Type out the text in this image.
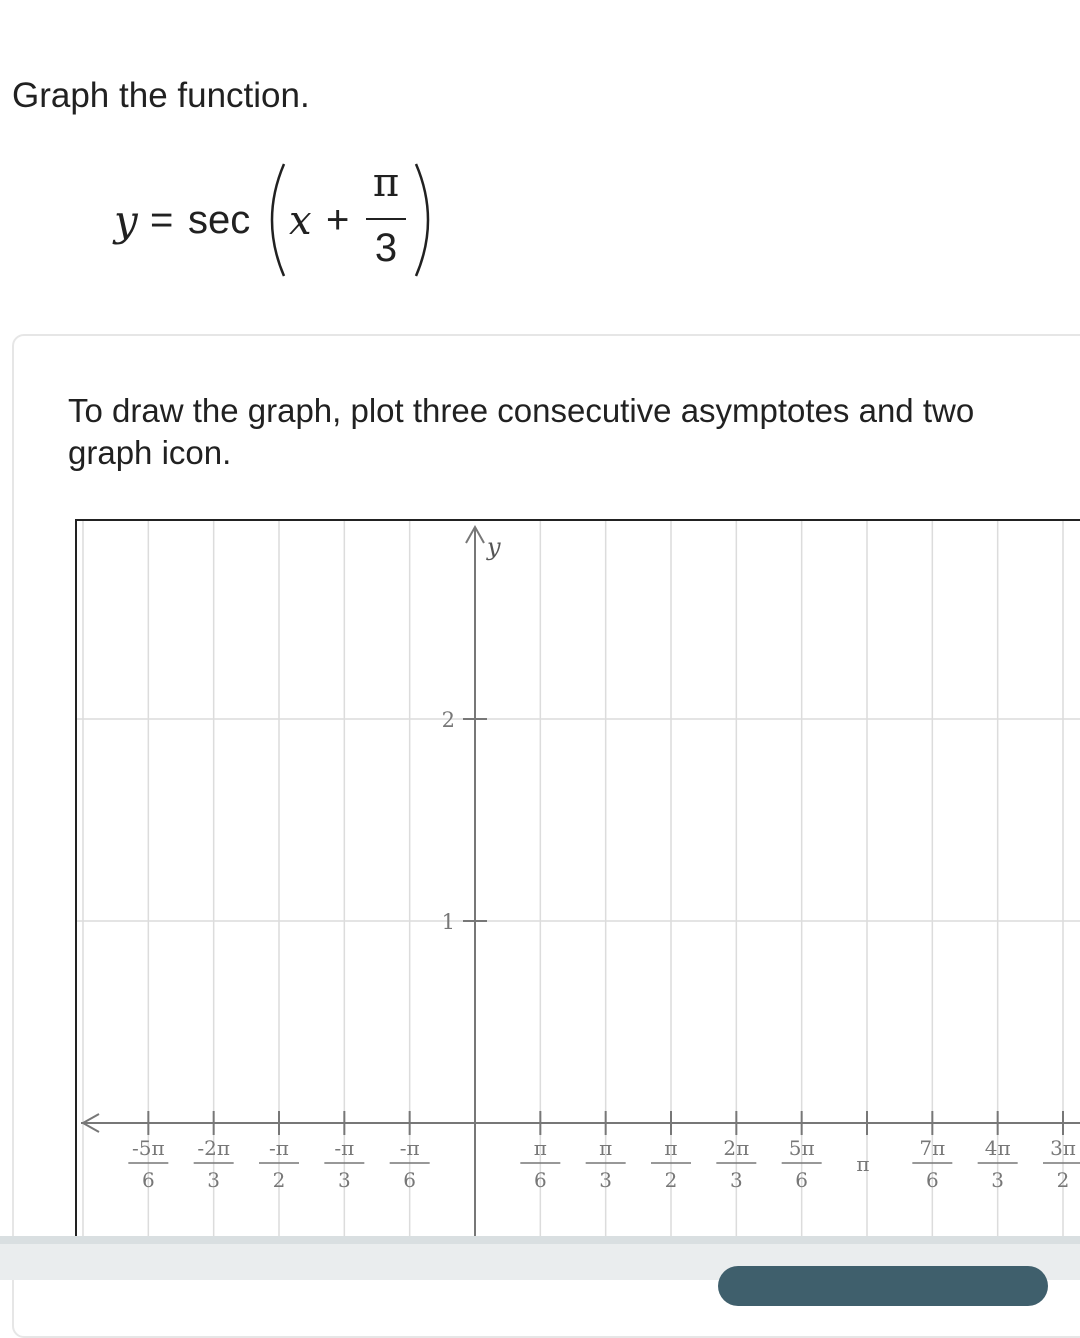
Graph the function.
y = sec x +
π
3
To draw the graph, plot three consecutive asymptotes and two
graph icon.
y
1
2
-5π
6
-2π
3
-π
2
-π
3
-π
6
π
6
π
3
π
2
2π
3
5π
6
π
7π
6
4π
3
3π
2
